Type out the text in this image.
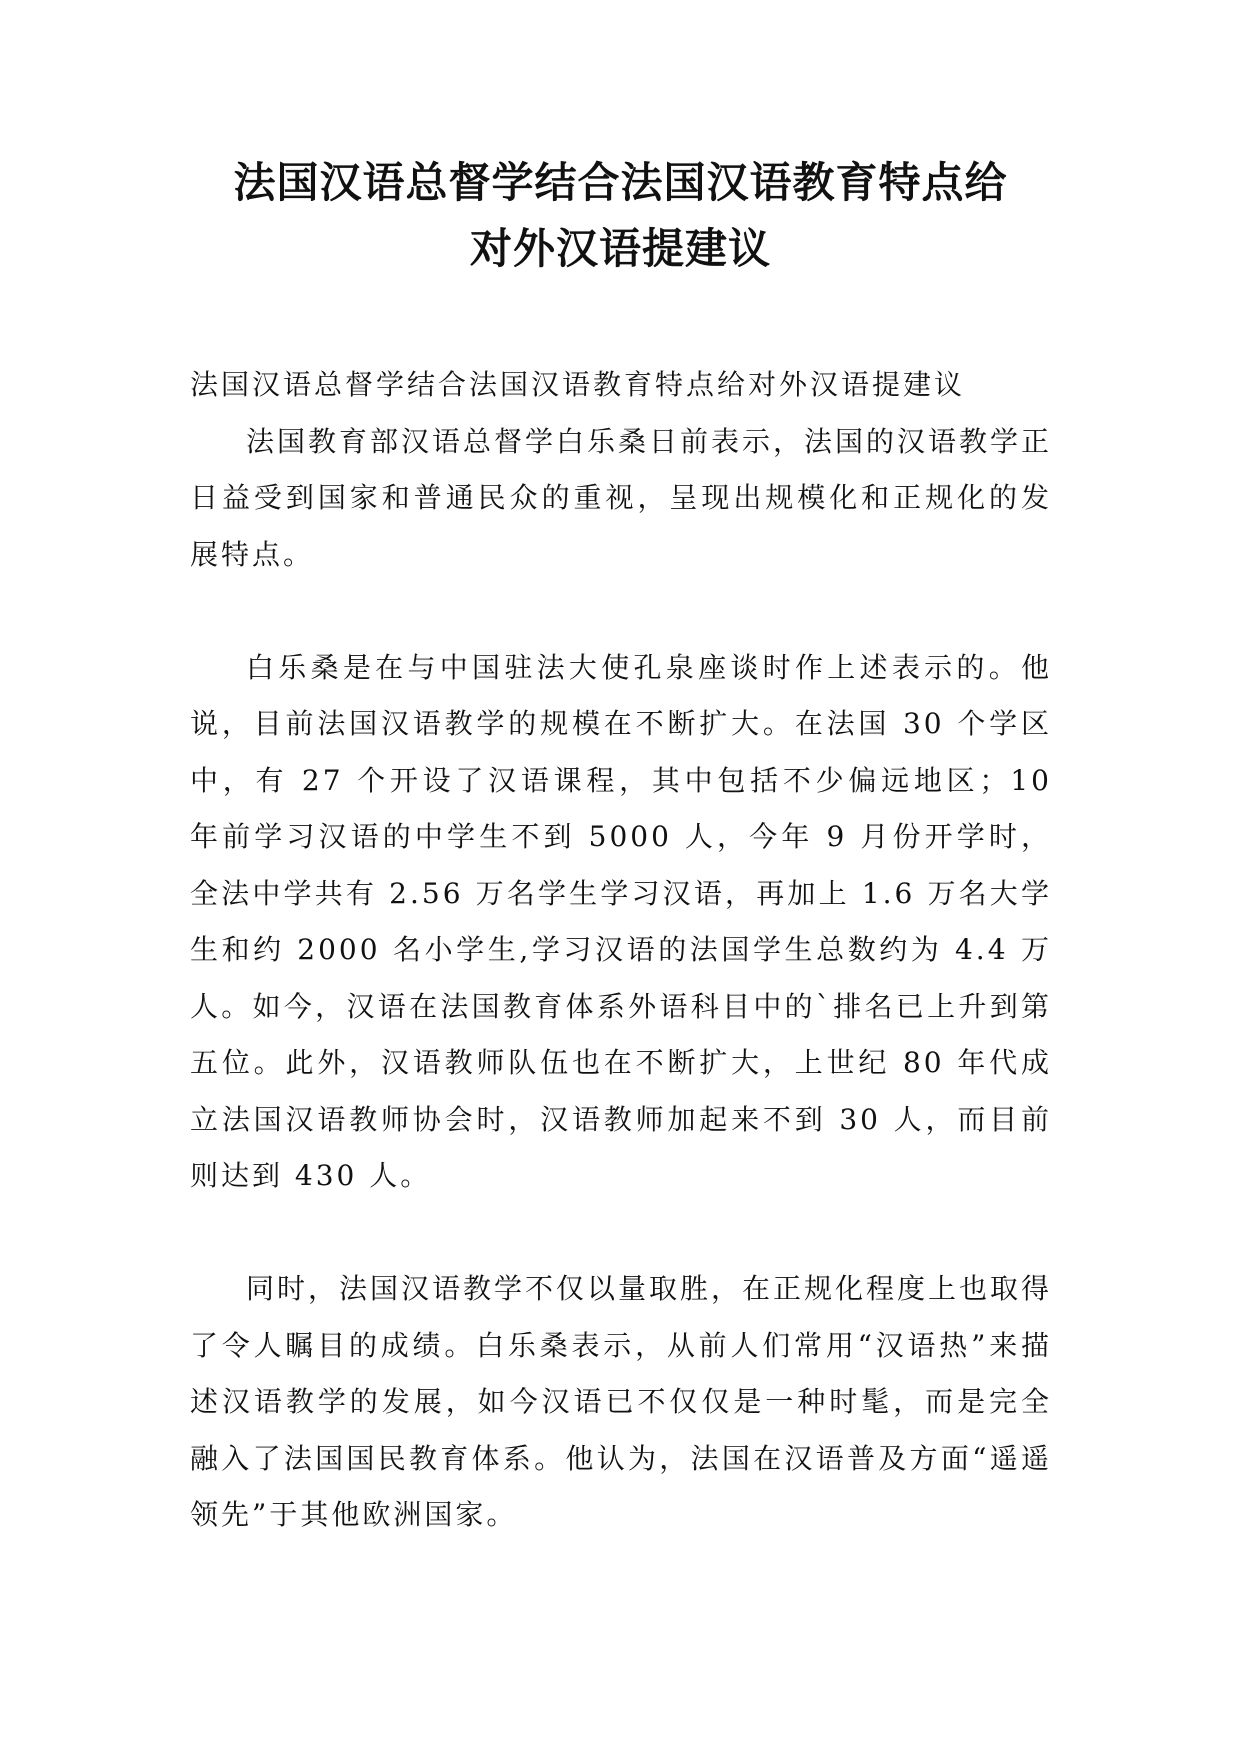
法国汉语总督学结合法国汉语教育特点给
对外汉语提建议

法国汉语总督学结合法国汉语教育特点给对外汉语提建议

法国教育部汉语总督学白乐桑日前表示，法国的汉语教学正日益受到国家和普通民众的重视，呈现出规模化和正规化的发展特点。

白乐桑是在与中国驻法大使孔泉座谈时作上述表示的。他说，目前法国汉语教学的规模在不断扩大。在法国 30 个学区中，有 27 个开设了汉语课程，其中包括不少偏远地区；10 年前学习汉语的中学生不到 5000 人，今年 9 月份开学时，全法中学共有 2.56 万名学生学习汉语，再加上 1.6 万名大学生和约 2000 名小学生,学习汉语的法国学生总数约为 4.4 万人。如今，汉语在法国教育体系外语科目中的`排名已上升到第五位。此外，汉语教师队伍也在不断扩大，上世纪 80 年代成立法国汉语教师协会时，汉语教师加起来不到 30 人，而目前则达到 430 人。

同时，法国汉语教学不仅以量取胜，在正规化程度上也取得了令人瞩目的成绩。白乐桑表示，从前人们常用“汉语热”来描述汉语教学的发展，如今汉语已不仅仅是一种时髦，而是完全融入了法国国民教育体系。他认为，法国在汉语普及方面“遥遥领先”于其他欧洲国家。
